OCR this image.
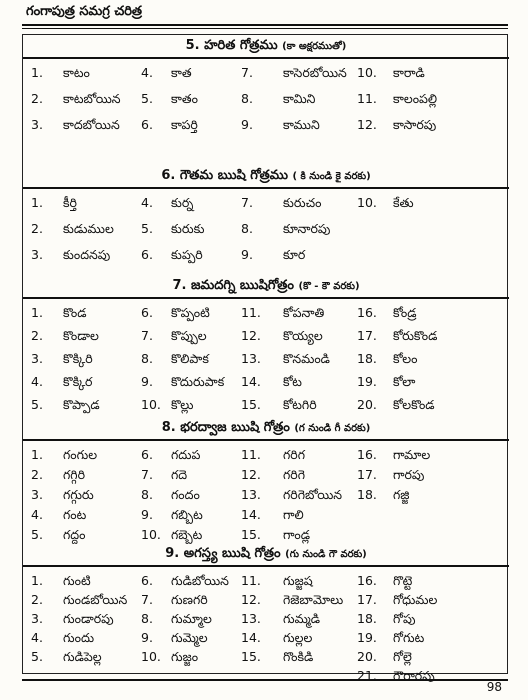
గంగాపుత్ర సమగ్ర చరిత్ర
5. హరిత గోత్రము (కా అక్షరముతో)
1. కాటం	4. కాత	7. కాసెరబోయిన 10. కారాడి
2. కాటబోయిన 5. కాతం	8. కామిని	11. కాలంపల్లి
3. కాదబోయిన 6. కాపర్తి	9. కాముని	12. కాసారపు
6. గౌతమ ఋషి గోత్రము ( కి నుండి కై వరకు)
1. కీర్తి	4. కుర్న	7. కురుచం	10. కేతు
2. కుడుముల 5. కురుకు	8. కూనారపు
3. కుందనపు 6. కుప్పరి	9. కూర
7. జమదగ్ని ఋషిగోత్రం (కొ - కౌ వరకు)
1. కొండ	6. కొప్పంటి 11. కోపనాతి	16. కోండ్ర
2. కొండాల	7. కొప్పుల	12. కొయ్యల	17. కోరుకొండ
3. కొక్కిరి	8. కొలిపాక	13. కొనమండి 18. కోలం
4. కొక్కిర	9. కొదురుపాక 14. కోట	19. కోలా
5. కొప్పాడ	10. కొల్లు	15. కోటగిరి	20. కోలకొండ
8. భరద్వాజ ఋషి గోత్రం (గ నుండి గీ వరకు)
1. గంగుల	6. గదుప	11. గరిగ	16. గామాల
2. గగ్గిరి	7. గదె	12. గరిగె	17. గారపు
3. గగ్గురు	8. గందం	13. గరిగెబోయిన 18. గజ్జి
4. గంట	9. గబ్బిట	14. గాలి
5. గద్దం	10. గబ్బెట	15. గాండ్ల
9. అగస్త్య ఋషి గోత్రం (గు నుండి గౌ వరకు)
1. గుంటి	6. గుడిబోయిన 11. గుజ్జష	16. గొట్టె
2. గుండబోయిన 7. గుణగరి	12. గెజెబామోలు 17. గోధుమల
3. గుండారపు 8. గుమ్మాల 13. గుమ్మడి	18. గోపు
4. గుందు	9. గుమ్మెల	14. గుల్లల	19. గోగుట
5. గుడిపెల్ల	10. గుజ్జం	15. గొంకిడి	20. గోల్లె
21. గౌరారపు
98
